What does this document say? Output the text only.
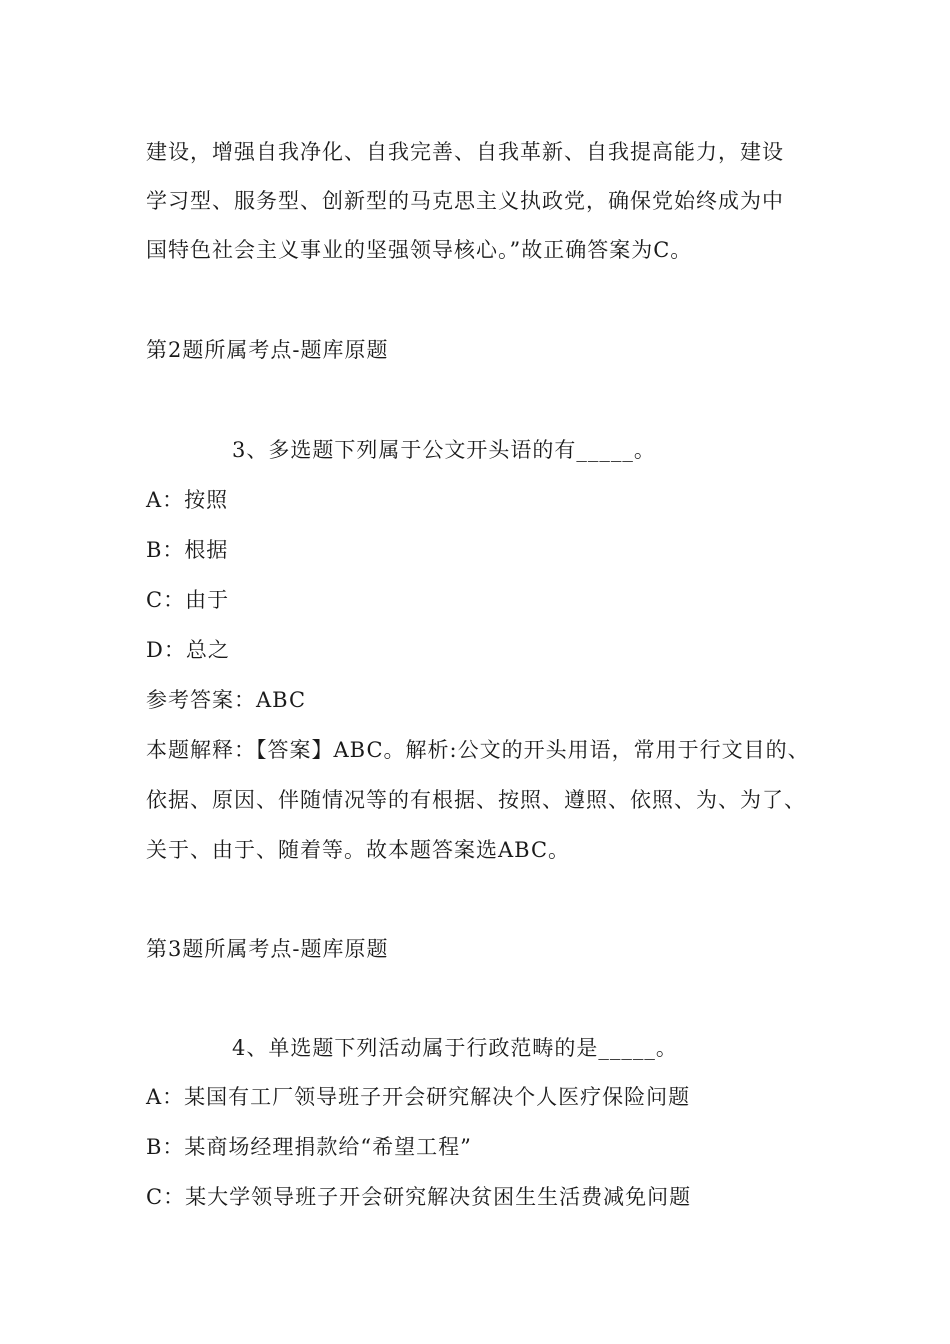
建设，增强自我净化、自我完善、自我革新、自我提高能力，建设
学习型、服务型、创新型的马克思主义执政党，确保党始终成为中
国特色社会主义事业的坚强领导核心。”故正确答案为C。
第2题所属考点-题库原题
3、多选题下列属于公文开头语的有_____。
A：按照
B：根据
C：由于
D：总之
参考答案：ABC
本题解释：【答案】ABC。解析:公文的开头用语，常用于行文目的、
依据、原因、伴随情况等的有根据、按照、遵照、依照、为、为了、
关于、由于、随着等。故本题答案选ABC。
第3题所属考点-题库原题
4、单选题下列活动属于行政范畴的是_____。
A：某国有工厂领导班子开会研究解决个人医疗保险问题
B：某商场经理捐款给“希望工程”
C：某大学领导班子开会研究解决贫困生生活费减免问题
